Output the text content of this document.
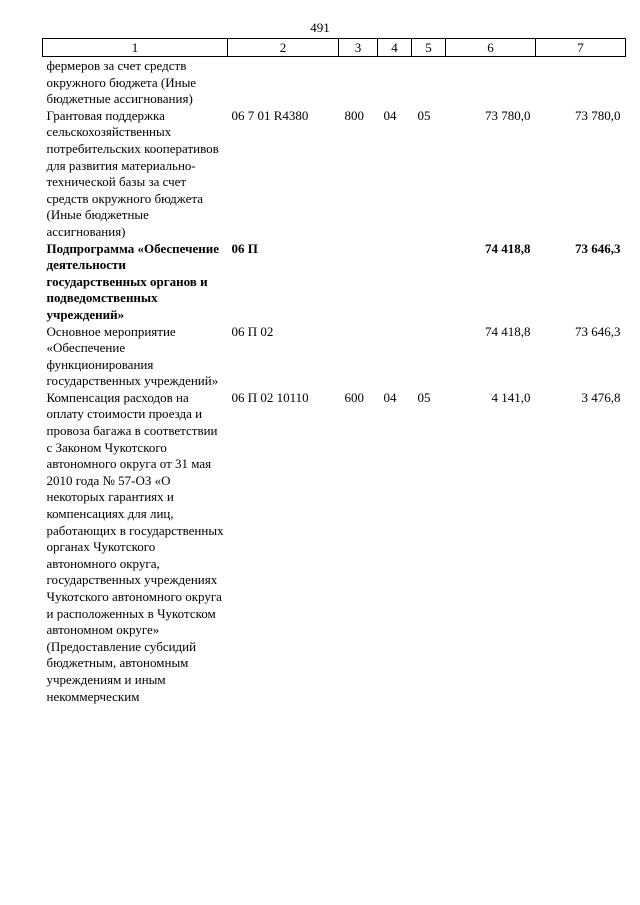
491
1	2	3	4	5	6	7
фермеров за счет средств окружного бюджета (Иные бюджетные ассигнования)						
Грантовая поддержка сельскохозяйственных потребительских кооперативов для развития материально-технической базы за счет средств окружного бюджета (Иные бюджетные ассигнования)	06 7 01 R4380	800	04	05	73 780,0	73 780,0
Подпрограмма «Обеспечение деятельности государственных органов и подведомственных учреждений»	06 П				74 418,8	73 646,3
Основное мероприятие «Обеспечение функционирования государственных учреждений»	06 П 02				74 418,8	73 646,3
Компенсация расходов на оплату стоимости проезда и провоза багажа в соответствии с Законом Чукотского автономного округа от 31 мая 2010 года № 57-ОЗ «О некоторых гарантиях и компенсациях для лиц, работающих в государственных органах Чукотского автономного округа, государственных учреждениях Чукотского автономного округа и расположенных в Чукотском автономном округе» (Предоставление субсидий бюджетным, автономным учреждениям и иным некоммерческим	06 П 02 10110	600	04	05	4 141,0	3 476,8
